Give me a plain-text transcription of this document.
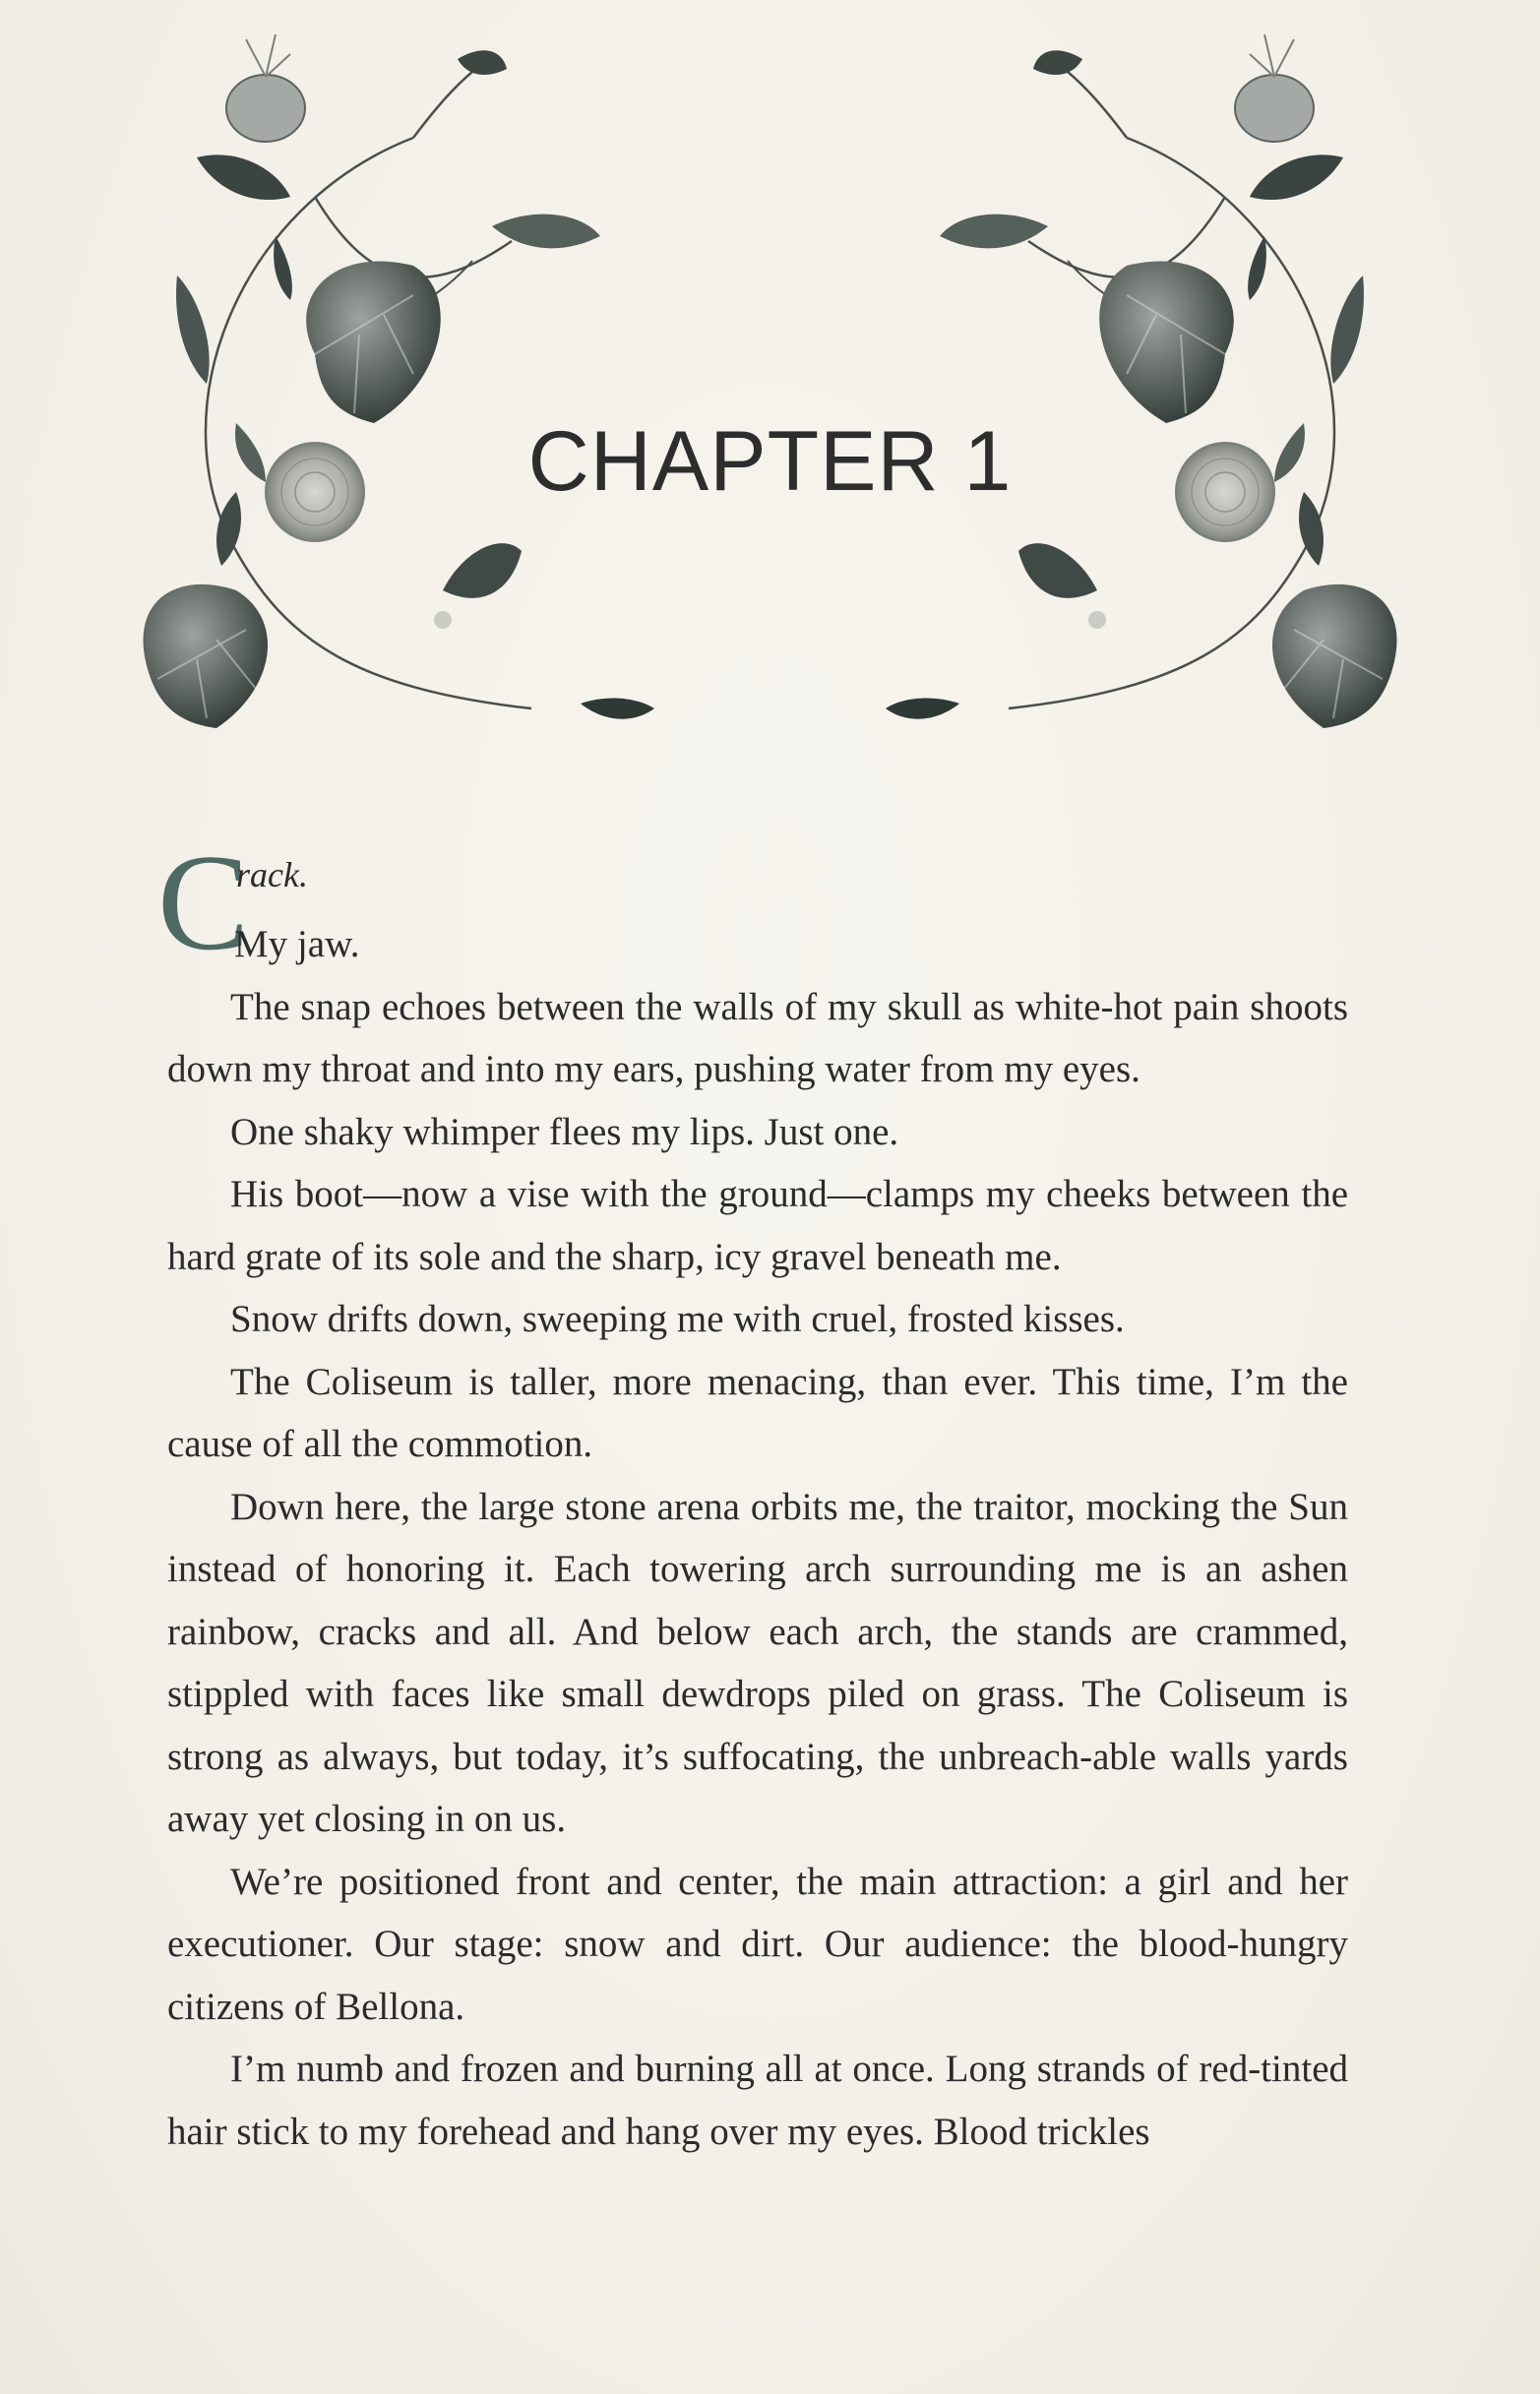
CHAPTER 1
C
rack.

My jaw.

The snap echoes between the walls of my skull as white-hot pain shoots down my throat and into my ears, pushing water from my eyes.

One shaky whimper flees my lips. Just one.

His boot—now a vise with the ground—clamps my cheeks between the hard grate of its sole and the sharp, icy gravel beneath me.

Snow drifts down, sweeping me with cruel, frosted kisses.

The Coliseum is taller, more menacing, than ever. This time, I’m the cause of all the commotion.

Down here, the large stone arena orbits me, the traitor, mocking the Sun instead of honoring it. Each towering arch surrounding me is an ashen rainbow, cracks and all. And below each arch, the stands are crammed, stippled with faces like small dewdrops piled on grass. The Coliseum is strong as always, but today, it’s suffocating, the unbreach-able walls yards away yet closing in on us.

We’re positioned front and center, the main attraction: a girl and her executioner. Our stage: snow and dirt. Our audience: the blood-hungry citizens of Bellona.

I’m numb and frozen and burning all at once. Long strands of red-tinted hair stick to my forehead and hang over my eyes. Blood trickles
